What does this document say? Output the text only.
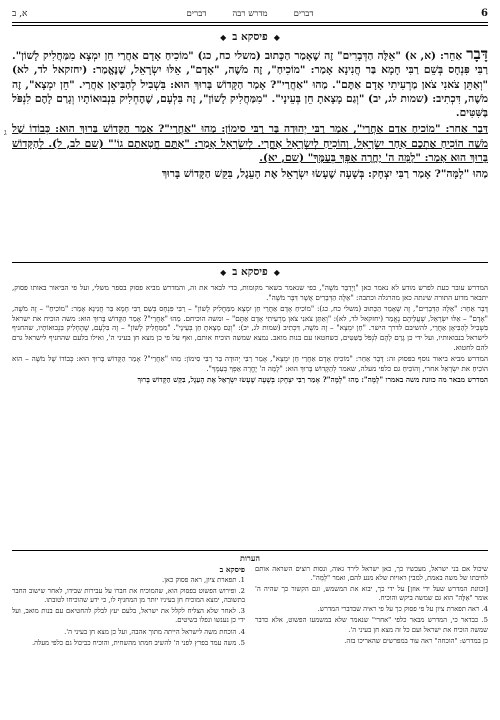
6
דברים
מדרש רבה
דברים
א, ב
◆
פיסקא ב
◆

דָּבָר אַחֵר: (א, א) "אֵלֶּה הַדְּבָרִים" זֶה שֶׁאָמַר הַכָּתוּב (משלי כח, כג) "מוֹכִיחַ אָדָם אַחֲרַי חֵן יִמְצָא מִמַּחֲלִיק לָשׁוֹן". רַבִּי פִּנְחָס בְּשֵׁם רַבִּי חָמָא בַּר חֲנִינָא אָמַר: "מוֹכִיחַ", זֶה מֹשֶׁה, "אָדָם", אֵלּוּ יִשְׂרָאֵל, שֶׁנֶּאֱמַר: (יחזקאל לד, לא) "וְאַתֵּן צֹאנִי צֹאן מַרְעִיתִי אָדָם אַתֶּם". מַהוּ "אַחֲרַי"? אָמַר הַקָּדוֹשׁ בָּרוּךְ הוּא: בִּשְׁבִיל לְהַבִּיאָן אַחֲרַי. "חֵן יִמְצָא", זֶה מֹשֶׁה, דִּכְתִיב: (שמות לג, יב) "וְגַם מָצָאתָ חֵן בְּעֵינָי". "מִמַּחֲלִיק לָשׁוֹן", זֶה בִּלְעָם, שֶׁהֶחְלִיק בִּנְבוּאוֹתָיו וְגָרַם לָהֶם לִנְפֹּל בַּשִּׁטִּים.

דָּבָר אַחֵר: "מוֹכִיחַ אָדָם אַחֲרַי", אָמַר רַבִּי יְהוּדָה בַּר רַבִּי סִימוֹן: מַהוּ "אַחֲרַי"? אָמַר הַקָּדוֹשׁ בָּרוּךְ הוּא: כְּבוֹדוֹ שֶׁל מֹשֶׁה הוֹכִיחַ אֶתְכֶם אַחַר יִשְׂרָאֵל, וְהוֹכִיחַ לְיִשְׂרָאֵל אַחֲרַי. לְיִשְׂרָאֵל אָמַר: "אַתֶּם חֲטָאתֶם גוֹ'" (שם לב, ל). לְהַקָּדוֹשׁ בָּרוּךְ הוּא אָמַר: "לָמָּה ה' יֶחֱרֶה אַפְּךָ בְּעַמֶּךָ" (שם, יא).

מַהוּ "לָמָּה"? אָמַר רַבִּי יִצְחָק: בְּשָׁעָה שֶׁעָשׂוּ יִשְׂרָאֵל אֶת הָעֵגֶל, בִּקֵּשׁ הַקָּדוֹשׁ בָּרוּךְ

ג
◆
פיסקא ב
◆

המדרש עובר כעת לפרש מודע לא נאמר כאן "וַיְדַבֵּר מֹשֶׁה", כפי שנאמר בשאר מקומות, כדי לבאר את זה, והמדרש מביא פסוק בספר משלי, ועל פי הביאור באותו פסוק, יתבאר מדוע התורה שינתה כאן מהרגלה וכתבה: "אֵלֶּה הַדְּבָרִים אֲשֶׁר דִּבֶּר מֹשֶׁה".

דָּבָר אַחֵר: "אֵלֶּה הַדְּבָרִים", זֶה שֶׁאָמַר הַכָּתוּב (משלי כח, כג): "מוֹכִיחַ אָדָם אַחֲרַי חֵן יִמְצָא מִמַּחֲלִיק לָשׁוֹן" – רַבִּי פִּנְחָס בְּשֵׁם רַבִּי חָמָא בַּר חֲנִינָא אָמַר: "מוֹכִיחַ" – זֶה מֹשֶׁה, "אָדָם" – אֵלּוּ יִשְׂרָאֵל, שֶׁעֲלֵיהֶם נֶאֱמַר (יחזקאל לד, לא): "וְאַתֵּן צֹאנִי צֹאן מַרְעִיתִי אָדָם אַתֶּם" – ומשה הוכיחם. מַהוּ "אַחֲרַי"? אָמַר הַקָּדוֹשׁ בָּרוּךְ הוּא: משה הוכיח את ישראל בִּשְׁבִיל לְהַבִּיאָן אַחֲרַי, להשיבם לדרך הישר. "חֵן יִמְצָא" – זֶה מֹשֶׁה, דִּכְתִיב (שמות לג, יב): "וְגַם מָצָאתָ חֵן בְּעֵינָי". "מִמַּחֲלִיק לָשׁוֹן" – זֶה בִּלְעָם, שֶׁהֶחְלִיק בִּנְבוּאוֹתָיו, שהחניף לישראל בנבואותיו, ועל ידי כן גָרַם לָהֶם לִנְפֹּל בַּשִּׁטִּים, כשחטאו עם בנות מואב. נמצא שמשה הוכיח אותם, ואף על פי כן מצא חן בעיני ה', ואילו בלעם שהחניף לישראל גרם להם לחטוא.

המדרש מביא ביאור נוסף בפסוק זה: דָּבָר אַחֵר: "מוֹכִיחַ אָדָם אַחֲרַי חֵן יִמְצָא", אָמַר רַבִּי יְהוּדָה בַּר רַבִּי סִימוֹן: מַהוּ "אַחֲרַי"? אָמַר הַקָּדוֹשׁ בָּרוּךְ הוּא: כְּבוֹדוֹ שֶׁל מֹשֶׁה – הוא הוֹכִיחַ את יִשְׂרָאֵל אחרי, וְהוֹכִיחַ גם כלפי מעלה, שאמר לְהַקָּדוֹשׁ בָּרוּךְ הוּא: "לָמָּה ה' יֶחֱרֶה אַפְּךָ בְּעַמֶּךָ".

המדרש מבאר מה כוונת משה באמרו "לָמָּה": מַהוּ "לָמָּה"? אָמַר רַבִּי יִצְחָק: בְּשָׁעָה שֶׁעָשׂוּ יִשְׂרָאֵל אֶת הָעֵגֶל, בִּקֵּשׁ הַקָּדוֹשׁ בָּרוּךְ

הערות
פיסקא ב

1. תפארת ציון, ראה פסוק כאן.

2. ופירוש הפשוט בפסוק הוא, שהמוכיח את חברו על עבירות שבידו, לאחר שישוב החבר בתשובה, ימצא המוכיח חן בעיניו יותר מן המחניף לו, כי ידע שהוכיחו לטובתו.

3. לאחר שלא הצליח לקלל את ישראל, בלעם יעץ לבלק להחטיאם עם בנות מואב, ועל ידי כן נענשו ונפלו בשיטים.

4. הוכחת משה לישראל הייתה מתוך אהבה, ועל כן מצא חן בעיני ה'.

5. משה עמד בפרץ לפני ה' להשיב חמתו מהשחית, והוכיח כביכול גם כלפי מעלה.

שיכול אם בני ישראל, מעכשיו כך, כאן ישראל לירד גאוה, ונסות רוצים השראה אותם לחיבתו של משה באמת, למבין ראויות שלא מנע להם, ואמר "לָמָּה".

[וכוונת המדרש שעל ידי אוזן] על ידי כך, יבוא את המשמש, וגם הקשור כך שהיה ה' אומר "אֵלֶּה" הוא גם שמשה ביקש והוכיח.

4. ראה תפארת ציון על פי פסוק כך על פי ראיה שבדברי המדרש.

5. כבדאר כי, המדרש מבאר כלפי "אחרי" שנאמר שלא במשמעו הפשוט, אלא כדבר שמשה הוכיח את ישראל ועם כל זה מצא חן בעיני ה'.

כן במדרש: "הוכחה" ראה עוד במפרשים שהאריכו בזה.
